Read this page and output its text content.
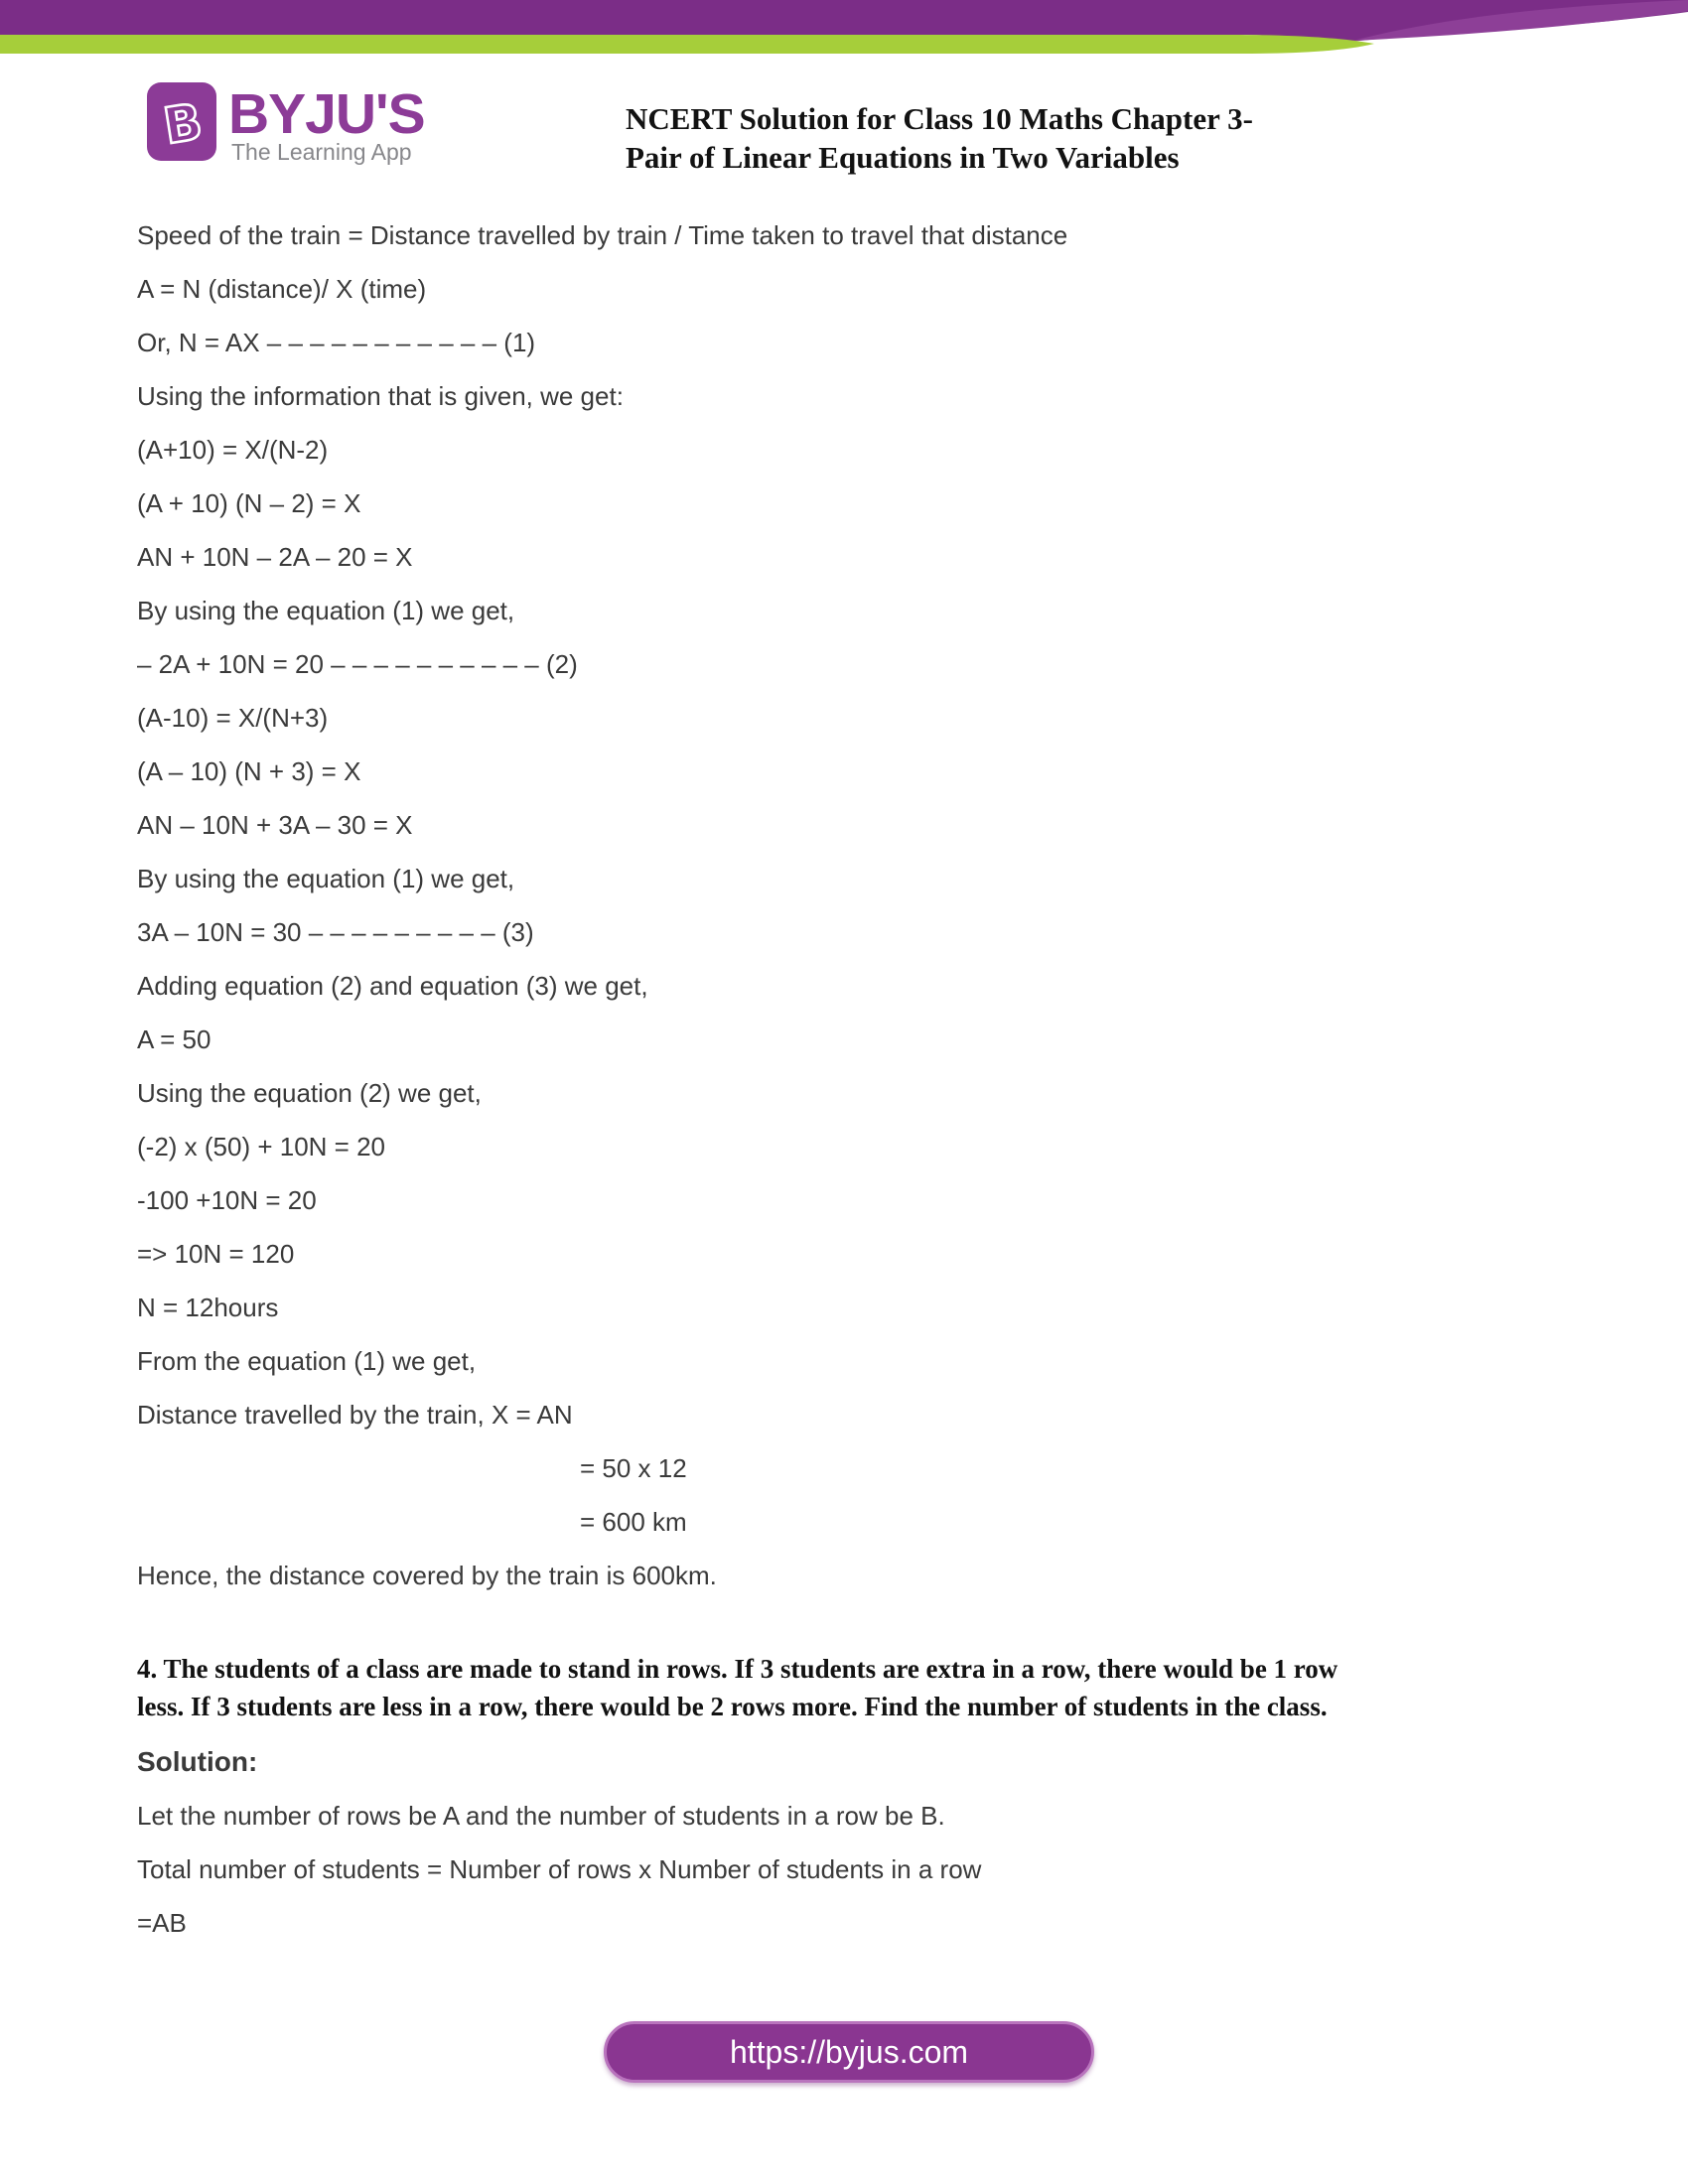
B BYJU'S
The Learning App
NCERT Solution for Class 10 Maths Chapter 3-
Pair of Linear Equations in Two Variables

Speed of the train = Distance travelled by train / Time taken to travel that distance

A = N (distance)/ X (time)

Or, N = AX – – – – – – – – – – – (1)

Using the information that is given, we get:

(A+10) = X/(N-2)

(A + 10) (N – 2) = X

AN + 10N – 2A – 20 = X

By using the equation (1) we get,

– 2A + 10N = 20 – – – – – – – – – – (2)

(A-10) = X/(N+3)

(A – 10) (N + 3) = X

AN – 10N + 3A – 30 = X

By using the equation (1) we get,

3A – 10N = 30 – – – – – – – – – (3)

Adding equation (2) and equation (3) we get,

A = 50

Using the equation (2) we get,

(-2) x (50) + 10N = 20

-100 +10N = 20

=> 10N = 120

N = 12hours

From the equation (1) we get,

Distance travelled by the train, X = AN

= 50 x 12

= 600 km

Hence, the distance covered by the train is 600km.

4. The students of a class are made to stand in rows. If 3 students are extra in a row, there would be 1 row

less. If 3 students are less in a row, there would be 2 rows more. Find the number of students in the class.

Solution:

Let the number of rows be A and the number of students in a row be B.

Total number of students = Number of rows x Number of students in a row

=AB

https://byjus.com
